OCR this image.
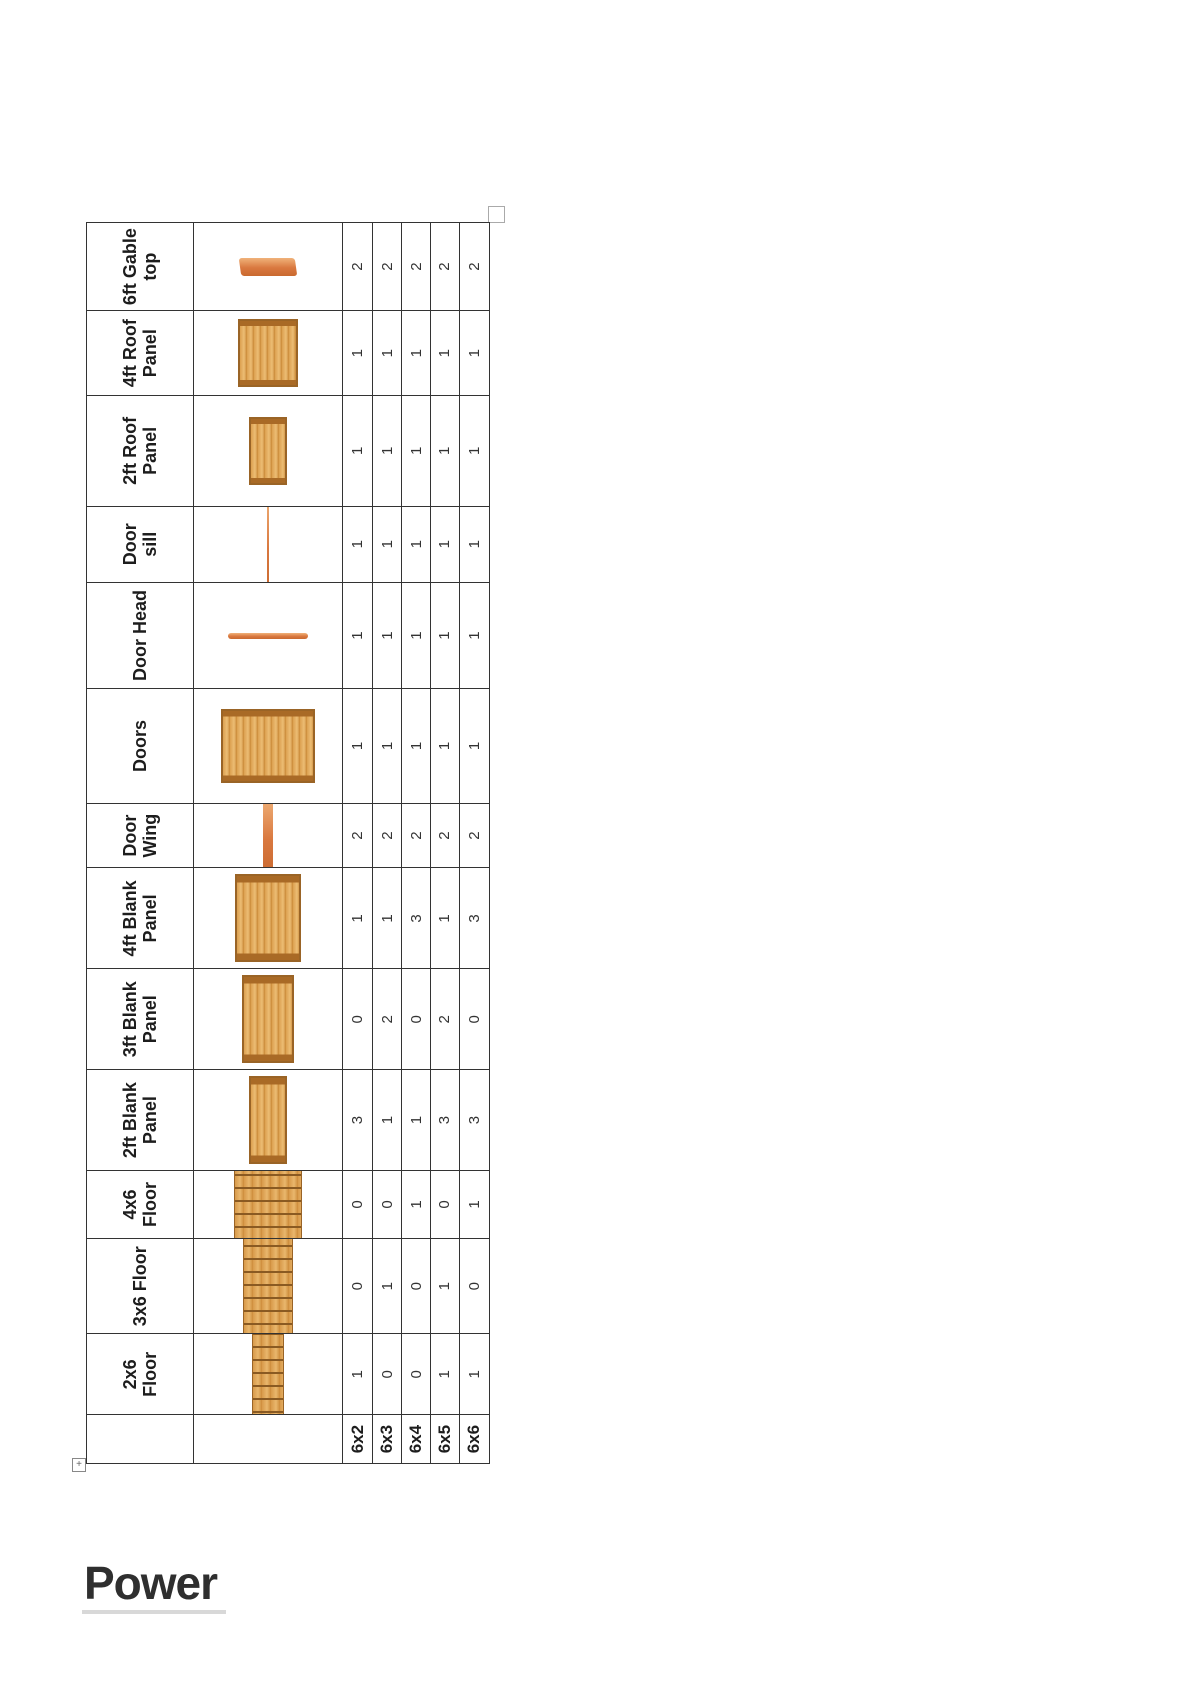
+
	2x6 Floor	3x6 Floor	4x6 Floor	2ft Blank Panel	3ft Blank Panel	4ft Blank Panel	Door Wing	Doors	Door Head	Door sill	2ft Roof Panel	4ft Roof Panel	6ft Gable top

6x2	1	0	0	3	0	1	2	1	1	1	1	1	2
6x3	0	1	0	1	2	1	2	1	1	1	1	1	2
6x4	0	0	1	1	0	3	2	1	1	1	1	1	2
6x5	1	1	0	3	2	1	2	1	1	1	1	1	2
6x6	1	0	1	3	0	3	2	1	1	1	1	1	2
Power
